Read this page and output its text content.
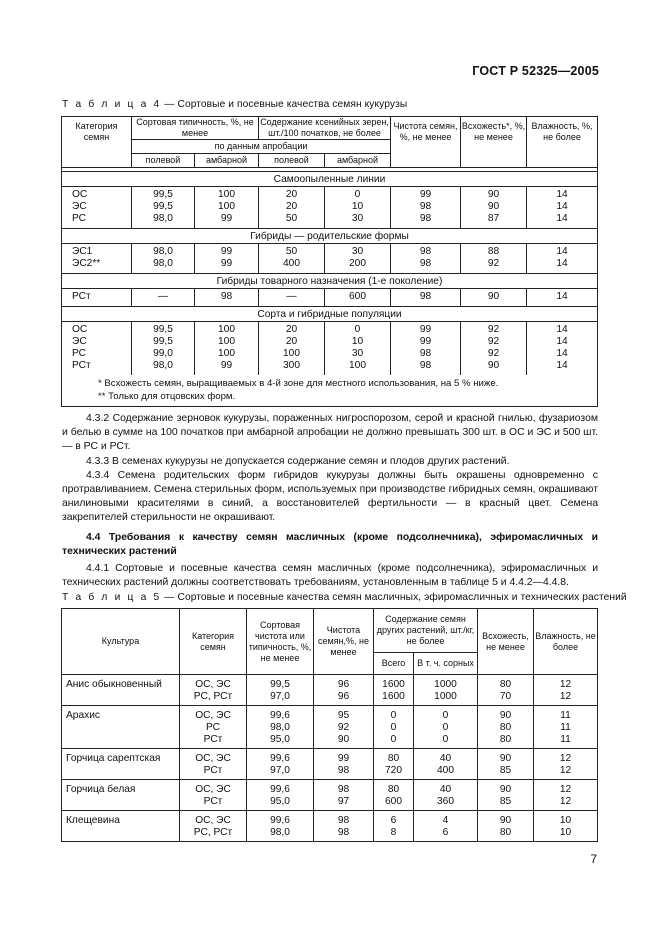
ГОСТ Р 52325—2005
Т а б л и ц а 4 — Сортовые и посевные качества семян кукурузы
Категория семян	Сортовая типичность, %, не менее		Содержание ксенийных зерен, шт./100 початков, не более		Чистота семян, %, не менее	Всхожесть*, %, не менее	Влажность, %, не более
	по данным апробации						
	полевой	амбарной	полевой	амбарной			

Самоопыленные линии							
ОС	99,5	100	20	0	99	90	14
ЭС	99,5	100	20	10	98	90	14
РС	98,0	99	50	30	98	87	14
Гибриды — родительские формы							
ЭС1	98,0	99	50	30	98	88	14
ЭС2**	98,0	99	400	200	98	92	14
Гибриды товарного назначения (1-е поколение)							
РСт	—	98	—	600	98	90	14
Сорта и гибридные популяции							
ОС	99,5	100	20	0	99	92	14
ЭС	99,5	100	20	10	99	92	14
РС	99,0	100	100	30	98	92	14
РСт	98,0	99	300	100	98	90	14

* Всхожесть семян, выращиваемых в 4-й зоне для местного использования, на 5 % ниже.
** Только для отцовских форм.							

4.3.2 Содержание зерновок кукурузы, пораженных нигроспорозом, серой и красной гнилью, фузариозом и белью в сумме на 100 початков при амбарной апробации не должно превышать 300 шт. в ОС и ЭС и 500 шт. — в РС и РСт.

4.3.3 В семенах кукурузы не допускается содержание семян и плодов других растений.

4.3.4 Семена родительских форм гибридов кукурузы должны быть окрашены одновременно с протравливанием. Семена стерильных форм, используемых при производстве гибридных семян, окрашивают анилиновыми красителями в синий, а восстановителей фертильности — в красный цвет. Семена закрепителей стерильности не окрашивают.

4.4 Требования к качеству семян масличных (кроме подсолнечника), эфиромасличных и технических растений

4.4.1 Сортовые и посевные качества семян масличных (кроме подсолнечника), эфиромасличных и технических растений должны соответствовать требованиям, установленным в таблице 5 и 4.4.2—4.4.8.

Т а б л и ц а 5 — Сортовые и посевные качества семян масличных, эфиромасличных и технических растений
Культура	Категория семян	Сортовая чистота или типичность, %, не менее	Чистота семян,%, не менее	Содержание семян других растений, шт./кг, не более		Всхожесть, не менее	Влажность, не более
				Всего	В т. ч. сорных		
Анис обыкновенный	ОС, ЭС	99,5	96	1600	1000	80	12
	РС, РСт	97,0	96	1600	1000	70	12
Арахис	ОС, ЭС	99,6	95	0	0	90	11
	РС	98,0	92	0	0	80	11
	РСт	95,0	90	0	0	80	11
Горчица сарептская	ОС, ЭС	99,6	99	80	40	90	12
	РСт	97,0	98	720	400	85	12
Горчица белая	ОС, ЭС	99,6	98	80	40	90	12
	РСт	95,0	97	600	360	85	12
Клещевина	ОС, ЭС	99,6	98	6	4	90	10
	РС, РСт	98,0	98	8	6	80	10
7
